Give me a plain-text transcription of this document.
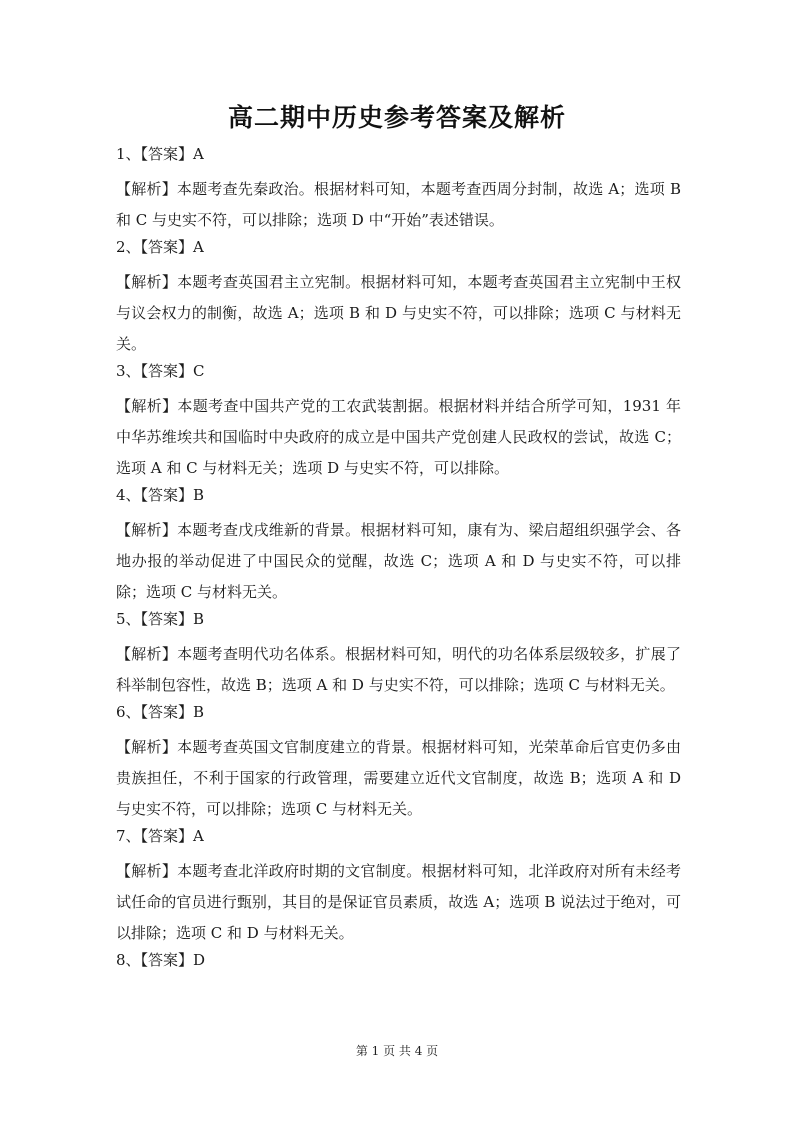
高二期中历史参考答案及解析
1、【答案】A

【解析】本题考查先秦政治。根据材料可知，本题考查西周分封制，故选 A；选项 B 和 C 与史实不符，可以排除；选项 D 中“开始”表述错误。

2、【答案】A

【解析】本题考查英国君主立宪制。根据材料可知，本题考查英国君主立宪制中王权与议会权力的制衡，故选 A；选项 B 和 D 与史实不符，可以排除；选项 C 与材料无关。

3、【答案】C

【解析】本题考查中国共产党的工农武装割据。根据材料并结合所学可知，1931 年中华苏维埃共和国临时中央政府的成立是中国共产党创建人民政权的尝试，故选 C；选项 A 和 C 与材料无关；选项 D 与史实不符，可以排除。

4、【答案】B

【解析】本题考查戊戌维新的背景。根据材料可知，康有为、梁启超组织强学会、各地办报的举动促进了中国民众的觉醒，故选 C；选项 A 和 D 与史实不符，可以排除；选项 C 与材料无关。

5、【答案】B

【解析】本题考查明代功名体系。根据材料可知，明代的功名体系层级较多，扩展了科举制包容性，故选 B；选项 A 和 D 与史实不符，可以排除；选项 C 与材料无关。

6、【答案】B

【解析】本题考查英国文官制度建立的背景。根据材料可知，光荣革命后官吏仍多由贵族担任，不利于国家的行政管理，需要建立近代文官制度，故选 B；选项 A 和 D 与史实不符，可以排除；选项 C 与材料无关。

7、【答案】A

【解析】本题考查北洋政府时期的文官制度。根据材料可知，北洋政府对所有未经考试任命的官员进行甄别，其目的是保证官员素质，故选 A；选项 B 说法过于绝对，可以排除；选项 C 和 D 与材料无关。

8、【答案】D
第 1 页 共 4 页
